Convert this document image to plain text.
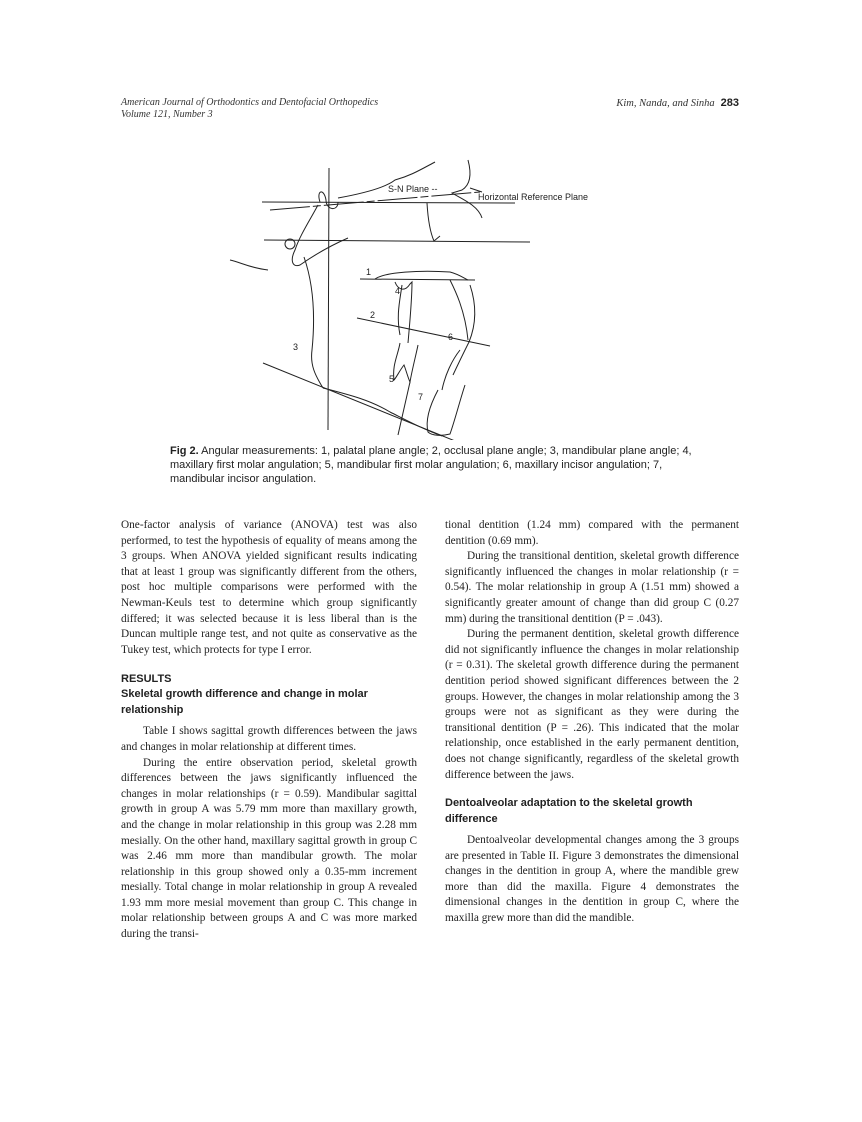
American Journal of Orthodontics and Dentofacial Orthopedics
Volume 121, Number 3
Kim, Nanda, and Sinha 283
S-N Plane --
Horizontal Reference Plane
1
4
2
6
3
5
7
Fig 2. Angular measurements: 1, palatal plane angle; 2, occlusal plane angle; 3, mandibular plane angle; 4, maxillary first molar angulation; 5, mandibular first molar angulation; 6, maxillary incisor angulation; 7, mandibular incisor angulation.

One-factor analysis of variance (ANOVA) test was also performed, to test the hypothesis of equality of means among the 3 groups. When ANOVA yielded significant results indicating that at least 1 group was significantly different from the others, post hoc multiple comparisons were performed with the Newman-Keuls test to determine which group significantly differed; it was selected because it is less liberal than is the Duncan multiple range test, and not quite as conservative as the Tukey test, which protects for type I error.

RESULTS
Skeletal growth difference and change in molar relationship

Table I shows sagittal growth differences between the jaws and changes in molar relationship at different times.

During the entire observation period, skeletal growth differences between the jaws significantly influenced the changes in molar relationships (r = 0.59). Mandibular sagittal growth in group A was 5.79 mm more than maxillary growth, and the change in molar relationship in this group was 2.28 mm mesially. On the other hand, maxillary sagittal growth in group C was 2.46 mm more than mandibular growth. The molar relationship in this group showed only a 0.35-mm increment mesially. Total change in molar relationship in group A revealed 1.93 mm more mesial movement than group C. This change in molar relationship between groups A and C was more marked during the transi-

tional dentition (1.24 mm) compared with the permanent dentition (0.69 mm).

During the transitional dentition, skeletal growth difference significantly influenced the changes in molar relationship (r = 0.54). The molar relationship in group A (1.51 mm) showed a significantly greater amount of change than did group C (0.27 mm) during the transitional dentition (P = .043).

During the permanent dentition, skeletal growth difference did not significantly influence the changes in molar relationship (r = 0.31). The skeletal growth difference during the permanent dentition period showed significant differences between the 2 groups. However, the changes in molar relationship among the 3 groups were not as significant as they were during the transitional dentition (P = .26). This indicated that the molar relationship, once established in the early permanent dentition, does not change significantly, regardless of the skeletal growth difference between the jaws.

Dentoalveolar adaptation to the skeletal growth difference

Dentoalveolar developmental changes among the 3 groups are presented in Table II. Figure 3 demonstrates the dimensional changes in the dentition in group A, where the mandible grew more than did the maxilla. Figure 4 demonstrates the dimensional changes in the dentition in group C, where the maxilla grew more than did the mandible.
